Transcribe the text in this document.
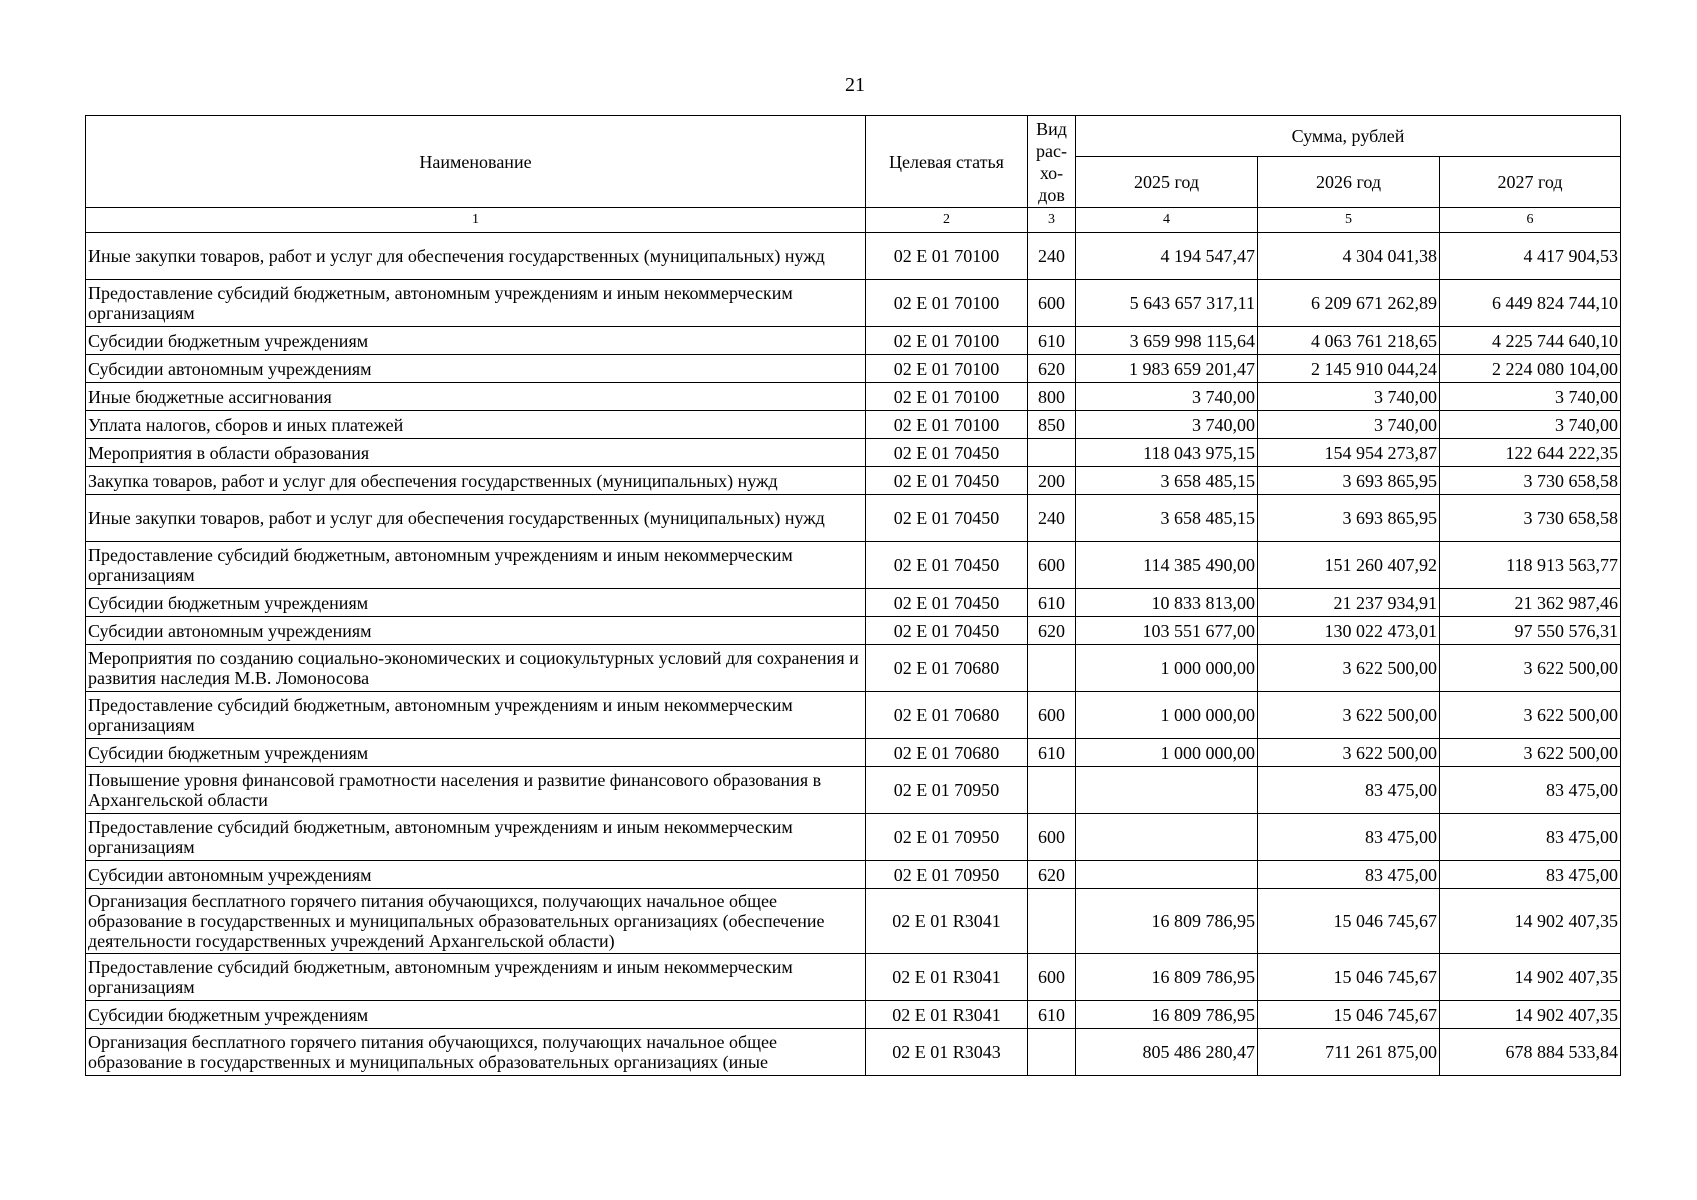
21
Наименование	Целевая статья	Вид рас-хо-дов	Сумма, рублей		
			2025 год	2026 год	2027 год
1	2	3	4	5	6
Иные закупки товаров, работ и услуг для обеспечения государственных (муниципальных) нужд	02 Е 01 70100	240	4 194 547,47	4 304 041,38	4 417 904,53
Предоставление субсидий бюджетным, автономным учреждениям и иным некоммерческим организациям	02 Е 01 70100	600	5 643 657 317,11	6 209 671 262,89	6 449 824 744,10
Субсидии бюджетным учреждениям	02 Е 01 70100	610	3 659 998 115,64	4 063 761 218,65	4 225 744 640,10
Субсидии автономным учреждениям	02 Е 01 70100	620	1 983 659 201,47	2 145 910 044,24	2 224 080 104,00
Иные бюджетные ассигнования	02 Е 01 70100	800	3 740,00	3 740,00	3 740,00
Уплата налогов, сборов и иных платежей	02 Е 01 70100	850	3 740,00	3 740,00	3 740,00
Мероприятия в области образования	02 Е 01 70450		118 043 975,15	154 954 273,87	122 644 222,35
Закупка товаров, работ и услуг для обеспечения государственных (муниципальных) нужд	02 Е 01 70450	200	3 658 485,15	3 693 865,95	3 730 658,58
Иные закупки товаров, работ и услуг для обеспечения государственных (муниципальных) нужд	02 Е 01 70450	240	3 658 485,15	3 693 865,95	3 730 658,58
Предоставление субсидий бюджетным, автономным учреждениям и иным некоммерческим организациям	02 Е 01 70450	600	114 385 490,00	151 260 407,92	118 913 563,77
Субсидии бюджетным учреждениям	02 Е 01 70450	610	10 833 813,00	21 237 934,91	21 362 987,46
Субсидии автономным учреждениям	02 Е 01 70450	620	103 551 677,00	130 022 473,01	97 550 576,31
Мероприятия по созданию социально-экономических и социокультурных условий для сохранения и развития наследия М.В. Ломоносова	02 Е 01 70680		1 000 000,00	3 622 500,00	3 622 500,00
Предоставление субсидий бюджетным, автономным учреждениям и иным некоммерческим организациям	02 Е 01 70680	600	1 000 000,00	3 622 500,00	3 622 500,00
Субсидии бюджетным учреждениям	02 Е 01 70680	610	1 000 000,00	3 622 500,00	3 622 500,00
Повышение уровня финансовой грамотности населения и развитие финансового образования в Архангельской области	02 Е 01 70950			83 475,00	83 475,00
Предоставление субсидий бюджетным, автономным учреждениям и иным некоммерческим организациям	02 Е 01 70950	600		83 475,00	83 475,00
Субсидии автономным учреждениям	02 Е 01 70950	620		83 475,00	83 475,00
Организация бесплатного горячего питания обучающихся, получающих начальное общее образование в государственных и муниципальных образовательных организациях (обеспечение деятельности государственных учреждений Архангельской области)	02 Е 01 R3041		16 809 786,95	15 046 745,67	14 902 407,35
Предоставление субсидий бюджетным, автономным учреждениям и иным некоммерческим организациям	02 Е 01 R3041	600	16 809 786,95	15 046 745,67	14 902 407,35
Субсидии бюджетным учреждениям	02 Е 01 R3041	610	16 809 786,95	15 046 745,67	14 902 407,35
Организация бесплатного горячего питания обучающихся, получающих начальное общее образование в государственных и муниципальных образовательных организациях (иные	02 Е 01 R3043		805 486 280,47	711 261 875,00	678 884 533,84
